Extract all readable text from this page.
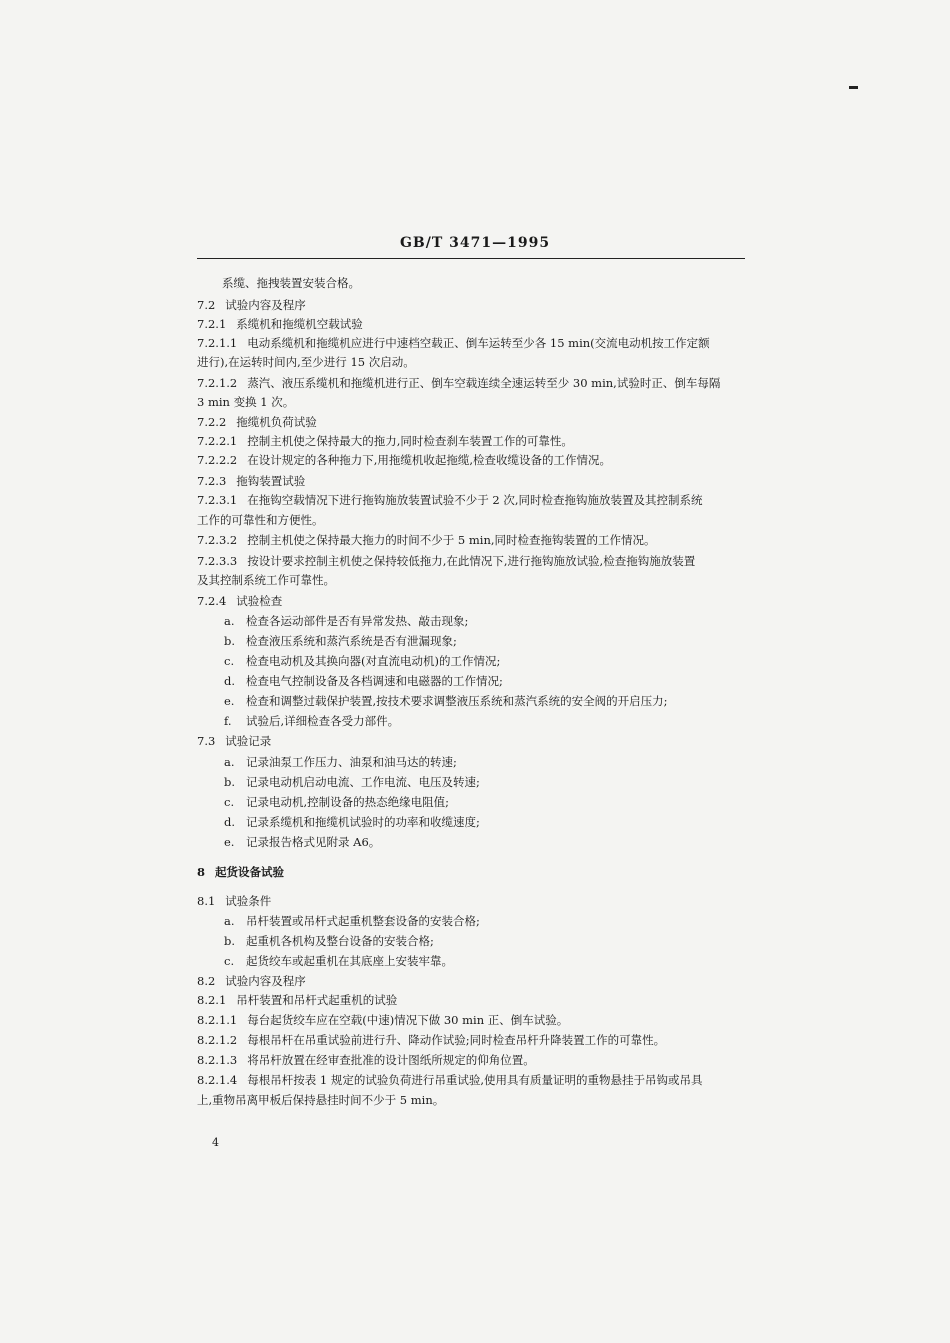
GB/T 3471—1995
系缆、拖拽装置安装合格。
7.2 试验内容及程序
7.2.1 系缆机和拖缆机空载试验
7.2.1.1 电动系缆机和拖缆机应进行中速档空载正、倒车运转至少各 15 min(交流电动机按工作定额
进行),在运转时间内,至少进行 15 次启动。
7.2.1.2 蒸汽、液压系缆机和拖缆机进行正、倒车空载连续全速运转至少 30 min,试验时正、倒车每隔
3 min 变换 1 次。
7.2.2 拖缆机负荷试验
7.2.2.1 控制主机使之保持最大的拖力,同时检查刹车装置工作的可靠性。
7.2.2.2 在设计规定的各种拖力下,用拖缆机收起拖缆,检查收缆设备的工作情况。
7.2.3 拖钩装置试验
7.2.3.1 在拖钩空载情况下进行拖钩施放装置试验不少于 2 次,同时检查拖钩施放装置及其控制系统
工作的可靠性和方便性。
7.2.3.2 控制主机使之保持最大拖力的时间不少于 5 min,同时检查拖钩装置的工作情况。
7.2.3.3 按设计要求控制主机使之保持较低拖力,在此情况下,进行拖钩施放试验,检查拖钩施放装置
及其控制系统工作可靠性。
7.2.4 试验检查
a. 检查各运动部件是否有异常发热、敲击现象;
b. 检查液压系统和蒸汽系统是否有泄漏现象;
c. 检查电动机及其换向器(对直流电动机)的工作情况;
d. 检查电气控制设备及各档调速和电磁器的工作情况;
e. 检查和调整过载保护装置,按技术要求调整液压系统和蒸汽系统的安全阀的开启压力;
f. 试验后,详细检查各受力部件。
7.3 试验记录
a. 记录油泵工作压力、油泵和油马达的转速;
b. 记录电动机启动电流、工作电流、电压及转速;
c. 记录电动机,控制设备的热态绝缘电阻值;
d. 记录系缆机和拖缆机试验时的功率和收缆速度;
e. 记录报告格式见附录 A6。
8 起货设备试验
8.1 试验条件
a. 吊杆装置或吊杆式起重机整套设备的安装合格;
b. 起重机各机构及整台设备的安装合格;
c. 起货绞车或起重机在其底座上安装牢靠。
8.2 试验内容及程序
8.2.1 吊杆装置和吊杆式起重机的试验
8.2.1.1 每台起货绞车应在空载(中速)情况下做 30 min 正、倒车试验。
8.2.1.2 每根吊杆在吊重试验前进行升、降动作试验;同时检查吊杆升降装置工作的可靠性。
8.2.1.3 将吊杆放置在经审查批准的设计图纸所规定的仰角位置。
8.2.1.4 每根吊杆按表 1 规定的试验负荷进行吊重试验,使用具有质量证明的重物悬挂于吊钩或吊具
上,重物吊离甲板后保持悬挂时间不少于 5 min。
4
